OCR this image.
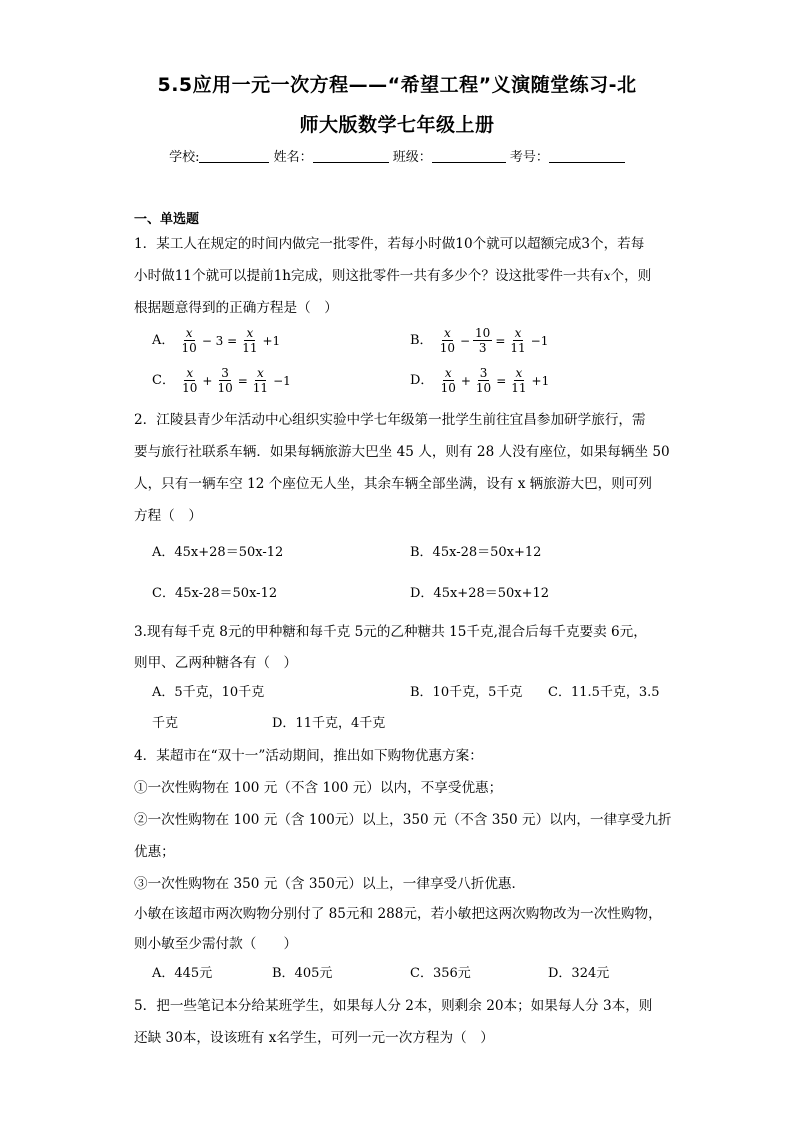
5.5应用一元一次方程——“希望工程”义演随堂练习-北
师大版数学七年级上册
学校:	姓名：	班级：	考号：
一、单选题
1．某工人在规定的时间内做完一批零件，若每小时做10个就可以超额完成3个，若每
小时做11个就可以提前1h完成，则这批零件一共有多少个？设这批零件一共有x个，则
根据题意得到的正确方程是（　）
A． $\frac{x}{10} - 3 = \frac{x}{11} +1$	B． $\frac{x}{10} - \frac{10}{3} = \frac{x}{11} -1$
C． $\frac{x}{10} + \frac{3}{10} = \frac{x}{11} -1$	D． $\frac{x}{10} + \frac{3}{10} = \frac{x}{11} +1$
2．江陵县青少年活动中心组织实验中学七年级第一批学生前往宜昌参加研学旅行，需
要与旅行社联系车辆．如果每辆旅游大巴坐 45 人，则有 28 人没有座位，如果每辆坐 50
人，只有一辆车空 12 个座位无人坐，其余车辆全部坐满，设有 x 辆旅游大巴，则可列
方程（　）
A．45x+28＝50x-12	B．45x-28＝50x+12
C．45x-28＝50x-12	D．45x+28＝50x+12
3.现有每千克 8元的甲种糖和每千克 5元的乙种糖共 15千克,混合后每千克要卖 6元，
则甲、乙两种糖各有（　）
A．5千克，10千克	B．10千克，5千克 C．11.5千克，3.5
千克	D．11千克，4千克
4．某超市在“双十一”活动期间，推出如下购物优惠方案：
①一次性购物在 100 元（不含 100 元）以内，不享受优惠；
②一次性购物在 100 元（含 100元）以上，350 元（不含 350 元）以内，一律享受九折
优惠；
③一次性购物在 350 元（含 350元）以上，一律享受八折优惠．
小敏在该超市两次购物分别付了 85元和 288元，若小敏把这两次购物改为一次性购物，
则小敏至少需付款（　　）
A．445元	B．405元	C．356元	D．324元
5．把一些笔记本分给某班学生，如果每人分 2本，则剩余 20本；如果每人分 3本，则
还缺 30本，设该班有 x名学生，可列一元一次方程为（　）
